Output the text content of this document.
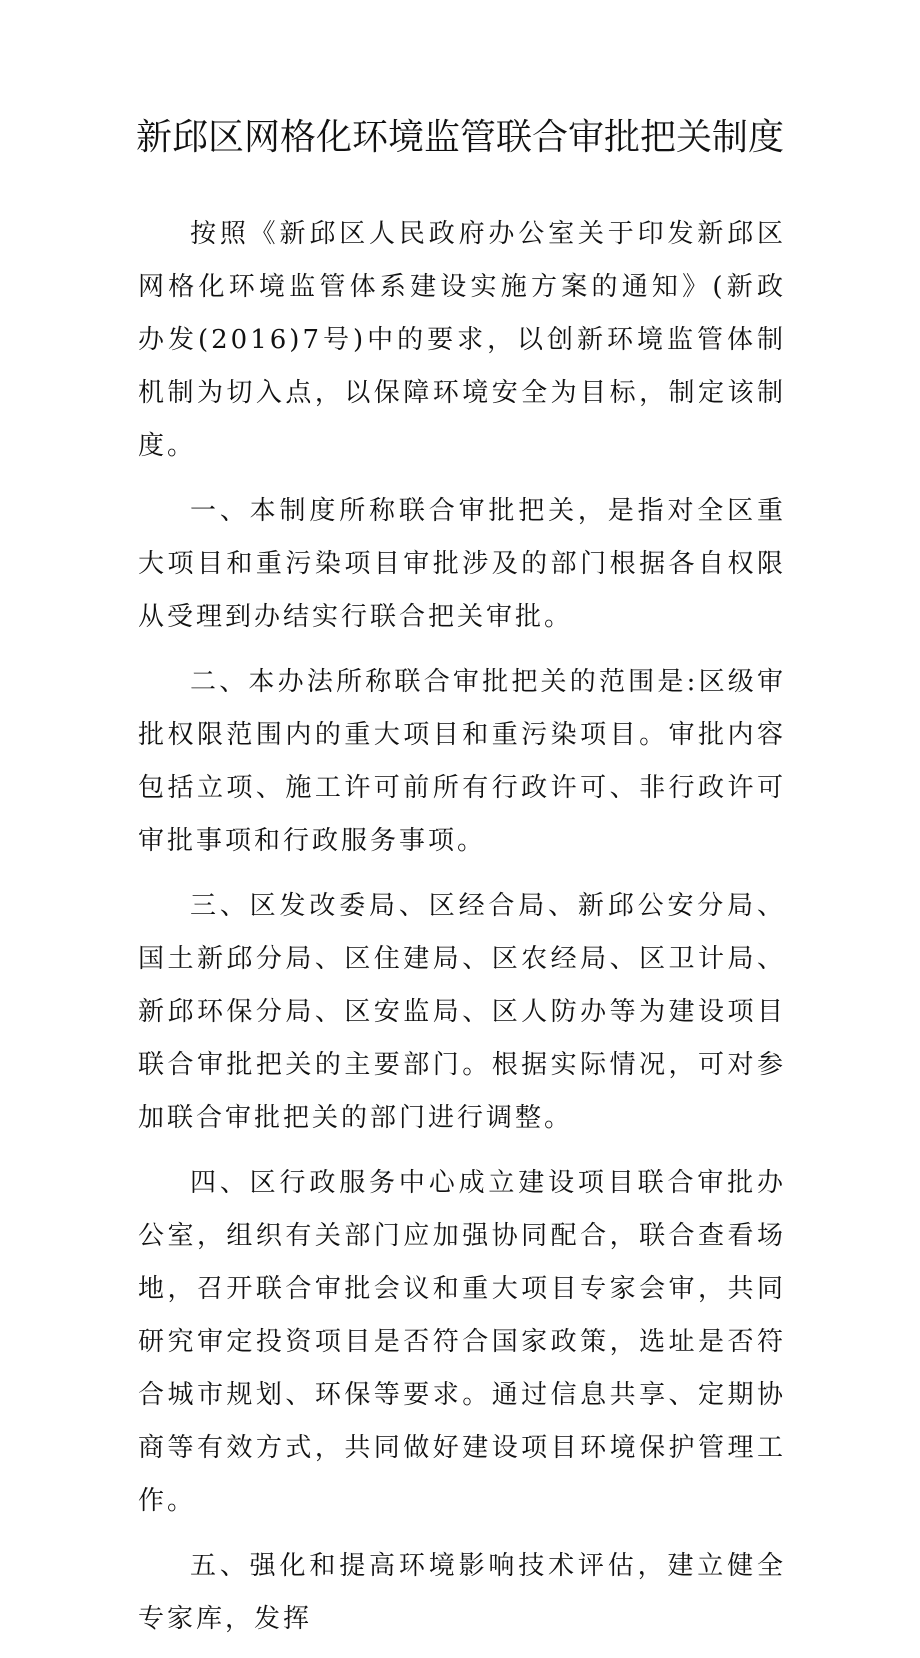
新邱区网格化环境监管联合审批把关制度

按照《新邱区人民政府办公室关于印发新邱区网格化环境监管体系建设实施方案的通知》(新政办发(2016)7号)中的要求，以创新环境监管体制机制为切入点，以保障环境安全为目标，制定该制度。

一、本制度所称联合审批把关，是指对全区重大项目和重污染项目审批涉及的部门根据各自权限从受理到办结实行联合把关审批。

二、本办法所称联合审批把关的范围是:区级审批权限范围内的重大项目和重污染项目。审批内容包括立项、施工许可前所有行政许可、非行政许可审批事项和行政服务事项。

三、区发改委局、区经合局、新邱公安分局、国土新邱分局、区住建局、区农经局、区卫计局、新邱环保分局、区安监局、区人防办等为建设项目联合审批把关的主要部门。根据实际情况，可对参加联合审批把关的部门进行调整。

四、区行政服务中心成立建设项目联合审批办公室，组织有关部门应加强协同配合，联合查看场地，召开联合审批会议和重大项目专家会审，共同研究审定投资项目是否符合国家政策，选址是否符合城市规划、环保等要求。通过信息共享、定期协商等有效方式，共同做好建设项目环境保护管理工作。

五、强化和提高环境影响技术评估，建立健全专家库，发挥
